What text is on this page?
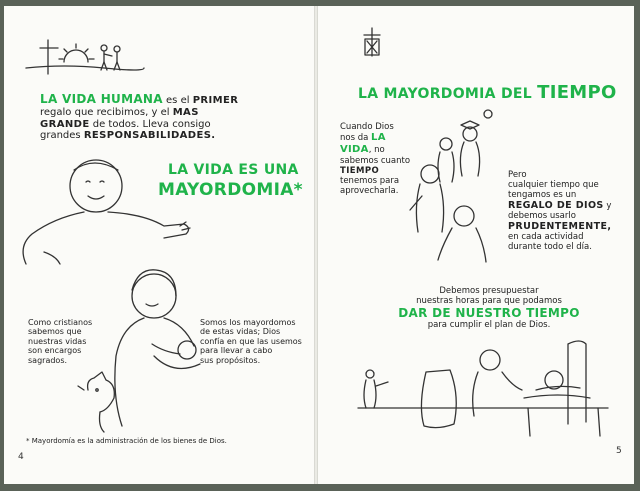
LA VIDA HUMANA es el PRIMER
regalo que recibimos, y el MAS
GRANDE de todos. Lleva consigo
grandes RESPONSABILIDADES.
LA VIDA ES UNA
MAYORDOMIA*
Como cristianos
sabemos que
nuestras vidas
son encargos
sagrados.
Somos los mayordomos
de estas vidas; Dios
confía en que las usemos
para llevar a cabo
sus propósitos.
* Mayordomía es la administración de los bienes de Dios.
4
LA MAYORDOMIA DEL TIEMPO
Cuando Dios
nos da LA
VIDA, no
sabemos cuanto
TIEMPO
tenemos para
aprovecharla.
Pero
cualquier tiempo que
tengamos es un
REGALO DE DIOS y
debemos usarlo
PRUDENTEMENTE,
en cada actividad
durante todo el día.
Debemos presupuestar
nuestras horas para que podamos
DAR DE NUESTRO TIEMPO
para cumplir el plan de Dios.
5
